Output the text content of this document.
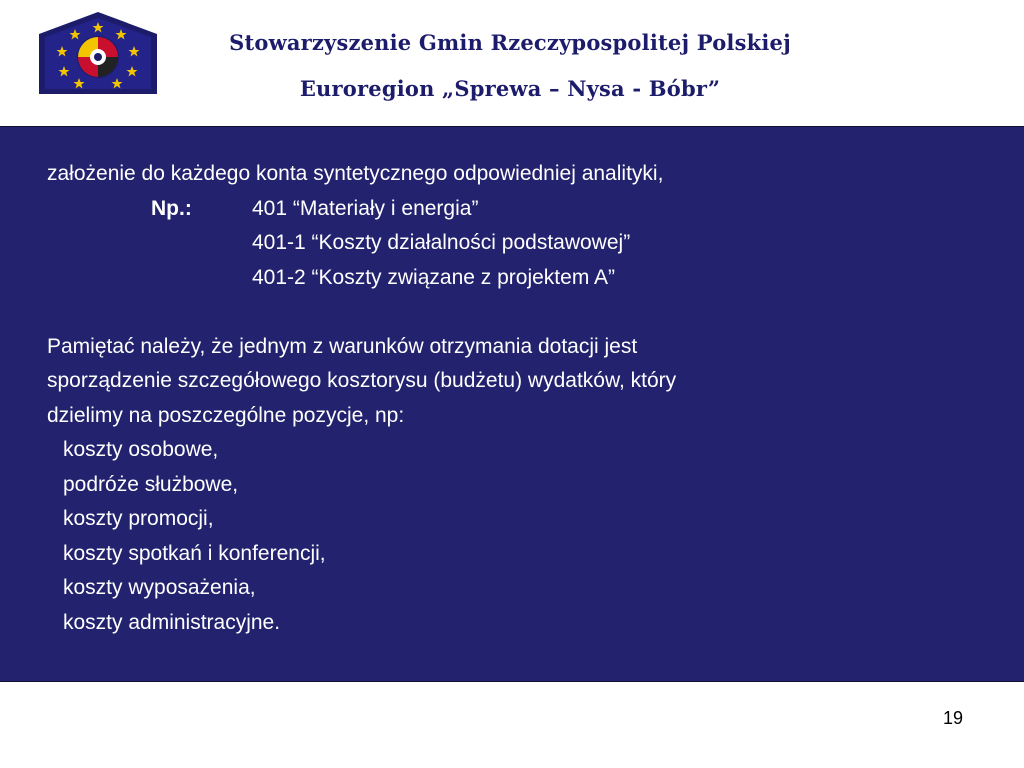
Stowarzyszenie Gmin Rzeczypospolitej Polskiej
Euroregion „Sprewa – Nysa - Bóbr”
założenie do każdego konta syntetycznego odpowiedniej analityki,
Np.:	401 “Materiały i energia”
401-1 “Koszty działalności podstawowej”
401-2 “Koszty związane z projektem A”
Pamiętać należy, że jednym z warunków otrzymania dotacji jest
sporządzenie szczegółowego kosztorysu (budżetu) wydatków, który
dzielimy na poszczególne pozycje, np:
koszty osobowe,
podróże służbowe,
koszty promocji,
koszty spotkań i konferencji,
koszty wyposażenia,
koszty administracyjne.
19
